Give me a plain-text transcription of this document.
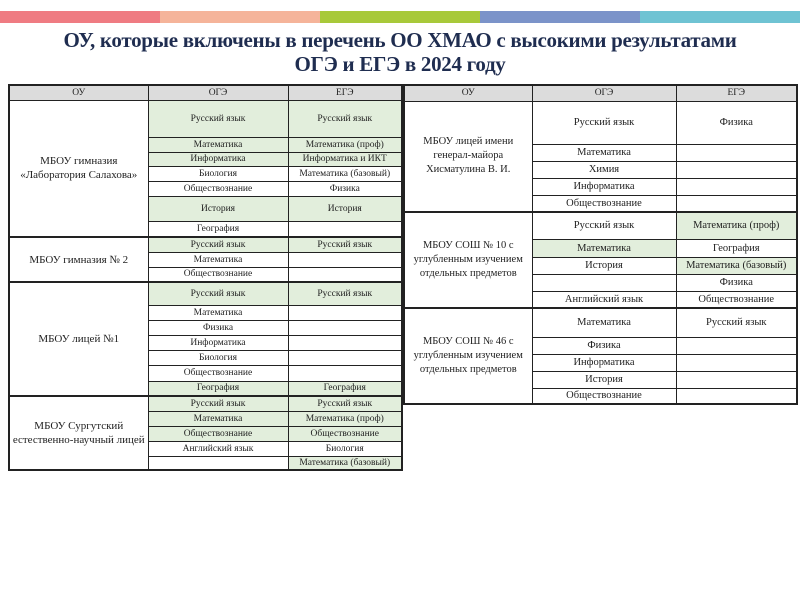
ОУ, которые включены в перечень ОО ХМАО с высокими результатами
ОГЭ и ЕГЭ в 2024 году
ОУ	ОГЭ	ЕГЭ
МБОУ гимназия «Лаборатория Салахова»	Русский язык	Русский язык
	Математика	Математика (проф)
	Информатика	Информатика и ИКТ
	Биология	Математика (базовый)
	Обществознание	Физика
	История	История
	География	
МБОУ гимназия № 2	Русский язык	Русский язык
	Математика	
	Обществознание	
МБОУ лицей №1	Русский язык	Русский язык
	Математика	
	Физика	
	Информатика	
	Биология	
	Обществознание	
	География	География
МБОУ Сургутский естественно-научный лицей	Русский язык	Русский язык
	Математика	Математика (проф)
	Обществознание	Обществознание
	Английский язык	Биология
		Математика (базовый)
ОУ	ОГЭ	ЕГЭ
МБОУ лицей имени генерал-майора Хисматулина В. И.	Русский язык	Физика
	Математика	
	Химия	
	Информатика	
	Обществознание	
МБОУ СОШ № 10 с углубленным изучением отдельных предметов	Русский язык	Математика (проф)
	Математика	География
	История	Математика (базовый)
		Физика
	Английский язык	Обществознание
МБОУ СОШ № 46 с углубленным изучением отдельных предметов	Математика	Русский язык
	Физика	
	Информатика	
	История	
	Обществознание	
